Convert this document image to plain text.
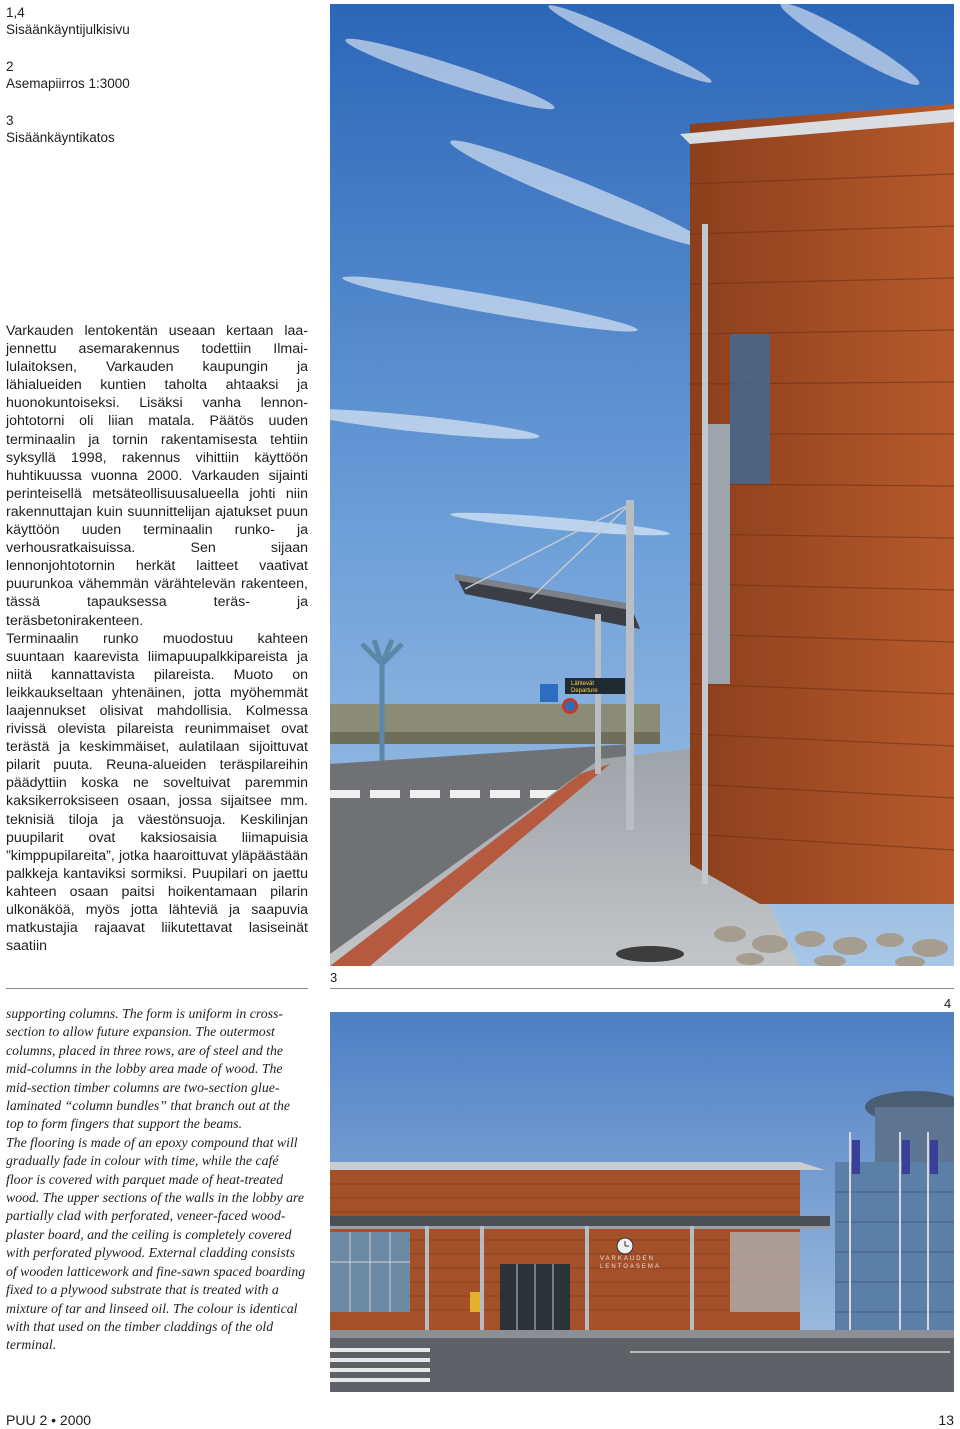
1,4
Sisäänkäyntijulkisivu
2
Asemapiirros 1:3000
3
Sisäänkäyntikatos

Varkauden lentokentän useaan kertaan laajennettu asemarakennus todettiin Ilmailulaitoksen, Varkauden kaupungin ja lähialueiden kuntien taholta ahtaaksi ja huonokuntoiseksi. Lisäksi vanha lennonjohtotorni oli liian matala. Päätös uuden terminaalin ja tornin rakentamisesta tehtiin syksyllä 1998, rakennus vihittiin käyttöön huhtikuussa vuonna 2000. Varkauden sijainti perinteisellä metsäteollisuusalueella johti niin rakennuttajan kuin suunnittelijan ajatukset puun käyttöön uuden terminaalin runko- ja verhousratkaisuissa. Sen sijaan lennonjohtotornin herkät laitteet vaativat puurunkoa vähemmän värähtelevän rakenteen, tässä tapauksessa teräs- ja teräsbetonirakenteen.

Terminaalin runko muodostuu kahteen suuntaan kaarevista liimapuupalkkipareista ja niitä kannattavista pilareista. Muoto on leikkaukseltaan yhtenäinen, jotta myöhemmät laajennukset olisivat mahdollisia. Kolmessa rivissä olevista pilareista reunimmaiset ovat terästä ja keskimmäiset, aulatilaan sijoittuvat pilarit puuta. Reuna-alueiden teräspilareihin päädyttiin koska ne soveltuivat paremmin kaksikerroksiseen osaan, jossa sijaitsee mm. teknisiä tiloja ja väestönsuoja. Keskilinjan puupilarit ovat kaksiosaisia liimapuisia ”kimppupilareita”, jotka haaroittuvat yläpäästään palkkeja kantaviksi sormiksi. Puupilari on jaettu kahteen osaan paitsi hoikentamaan pilarin ulkonäköä, myös jotta lähteviä ja saapuvia matkustajia rajaavat liikutettavat lasiseinät saatiin

supporting columns. The form is uniform in cross-section to allow future expansion. The outermost columns, placed in three rows, are of steel and the mid-columns in the lobby area made of wood. The mid-section timber columns are two-section glue-laminated “column bundles” that branch out at the top to form fingers that support the beams.

The flooring is made of an epoxy compound that will gradually fade in colour with time, while the café floor is covered with parquet made of heat-treated wood. The upper sections of the walls in the lobby are partially clad with perforated, veneer-faced wood-plaster board, and the ceiling is completely covered with perforated plywood. External cladding consists of wooden latticework and fine-sawn spaced boarding fixed to a plywood substrate that is treated with a mixture of tar and linseed oil. The colour is identical with that used on the timber claddings of the old terminal.

3
4
Lähtevät
Departure
VARKAUDEN
LENTOASEMA
PUU 2 • 2000	13
